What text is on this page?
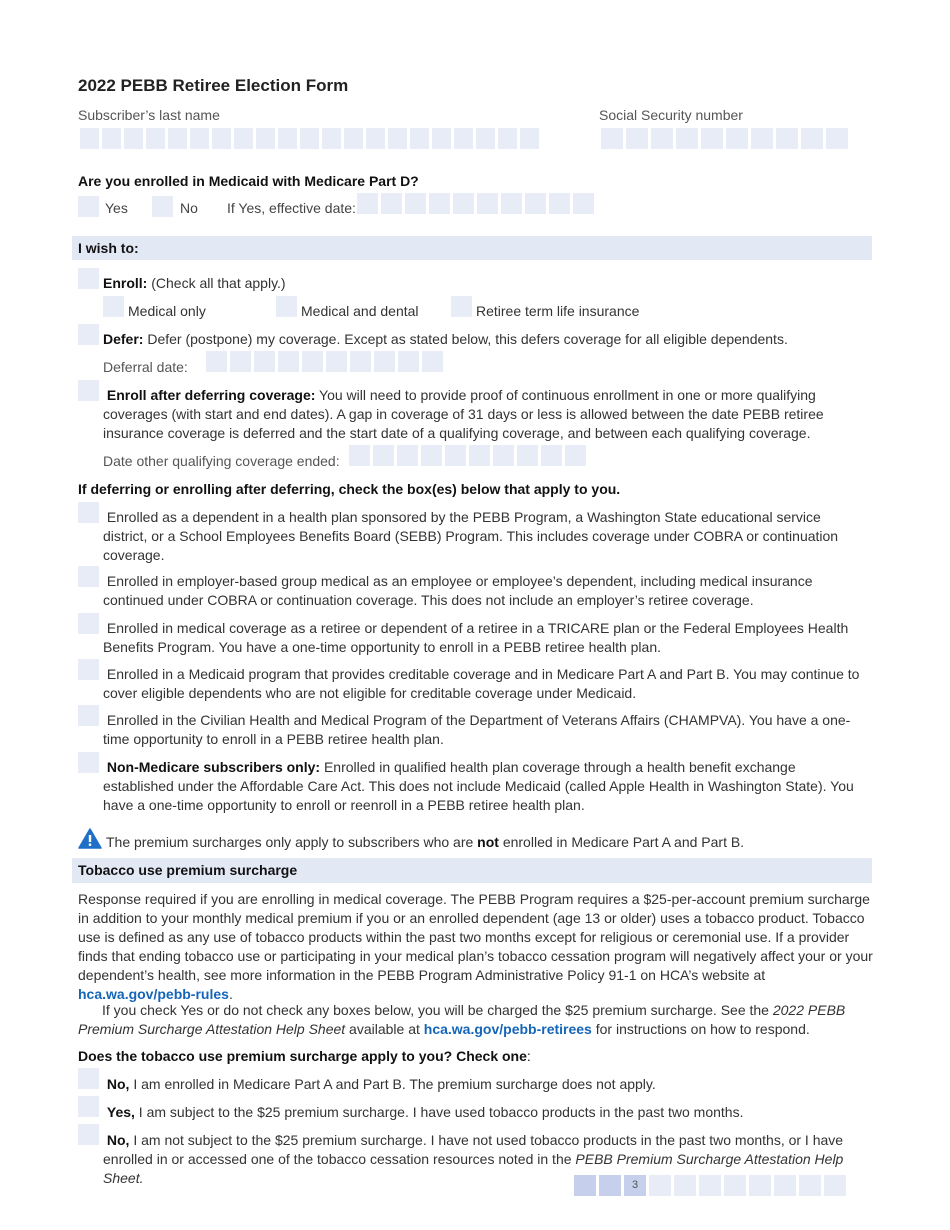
2022 PEBB Retiree Election Form
Subscriber’s last name	Social Security number
Are you enrolled in Medicaid with Medicare Part D?
Yes	No If Yes, effective date:
I wish to:
Enroll: (Check all that apply.)
Medical only	Medical and dental	Retiree term life insurance
Defer: Defer (postpone) my coverage. Except as stated below, this defers coverage for all eligible dependents.
Deferral date:
Enroll after deferring coverage: You will need to provide proof of continuous enrollment in one or more qualifying coverages (with start and end dates). A gap in coverage of 31 days or less is allowed between the date PEBB retiree insurance coverage is deferred and the start date of a qualifying coverage, and between each qualifying coverage.
Date other qualifying coverage ended:
If deferring or enrolling after deferring, check the box(es) below that apply to you.
Enrolled as a dependent in a health plan sponsored by the PEBB Program, a Washington State educational service district, or a School Employees Benefits Board (SEBB) Program. This includes coverage under COBRA or continuation coverage.
Enrolled in employer-based group medical as an employee or employee’s dependent, including medical insurance continued under COBRA or continuation coverage. This does not include an employer’s retiree coverage.
Enrolled in medical coverage as a retiree or dependent of a retiree in a TRICARE plan or the Federal Employees Health Benefits Program. You have a one-time opportunity to enroll in a PEBB retiree health plan.
Enrolled in a Medicaid program that provides creditable coverage and in Medicare Part A and Part B. You may continue to cover eligible dependents who are not eligible for creditable coverage under Medicaid.
Enrolled in the Civilian Health and Medical Program of the Department of Veterans Affairs (CHAMPVA). You have a one-time opportunity to enroll in a PEBB retiree health plan.
Non-Medicare subscribers only: Enrolled in qualified health plan coverage through a health benefit exchange established under the Affordable Care Act. This does not include Medicaid (called Apple Health in Washington State). You have a one-time opportunity to enroll or reenroll in a PEBB retiree health plan.
The premium surcharges only apply to subscribers who are not enrolled in Medicare Part A and Part B.
Tobacco use premium surcharge
Response required if you are enrolling in medical coverage. The PEBB Program requires a $25-per-account premium surcharge in addition to your monthly medical premium if you or an enrolled dependent (age 13 or older) uses a tobacco product. Tobacco use is defined as any use of tobacco products within the past two months except for religious or ceremonial use. If a provider finds that ending tobacco use or participating in your medical plan’s tobacco cessation program will negatively affect your or your dependent’s health, see more information in the PEBB Program Administrative Policy 91-1 on HCA’s website at hca.wa.gov/pebb-rules.
If you check Yes or do not check any boxes below, you will be charged the $25 premium surcharge. See the 2022 PEBB Premium Surcharge Attestation Help Sheet available at hca.wa.gov/pebb-retirees for instructions on how to respond.
Does the tobacco use premium surcharge apply to you? Check one:
No, I am enrolled in Medicare Part A and Part B. The premium surcharge does not apply.
Yes, I am subject to the $25 premium surcharge. I have used tobacco products in the past two months.
No, I am not subject to the $25 premium surcharge. I have not used tobacco products in the past two months, or I have enrolled in or accessed one of the tobacco cessation resources noted in the PEBB Premium Surcharge Attestation Help Sheet.	3
